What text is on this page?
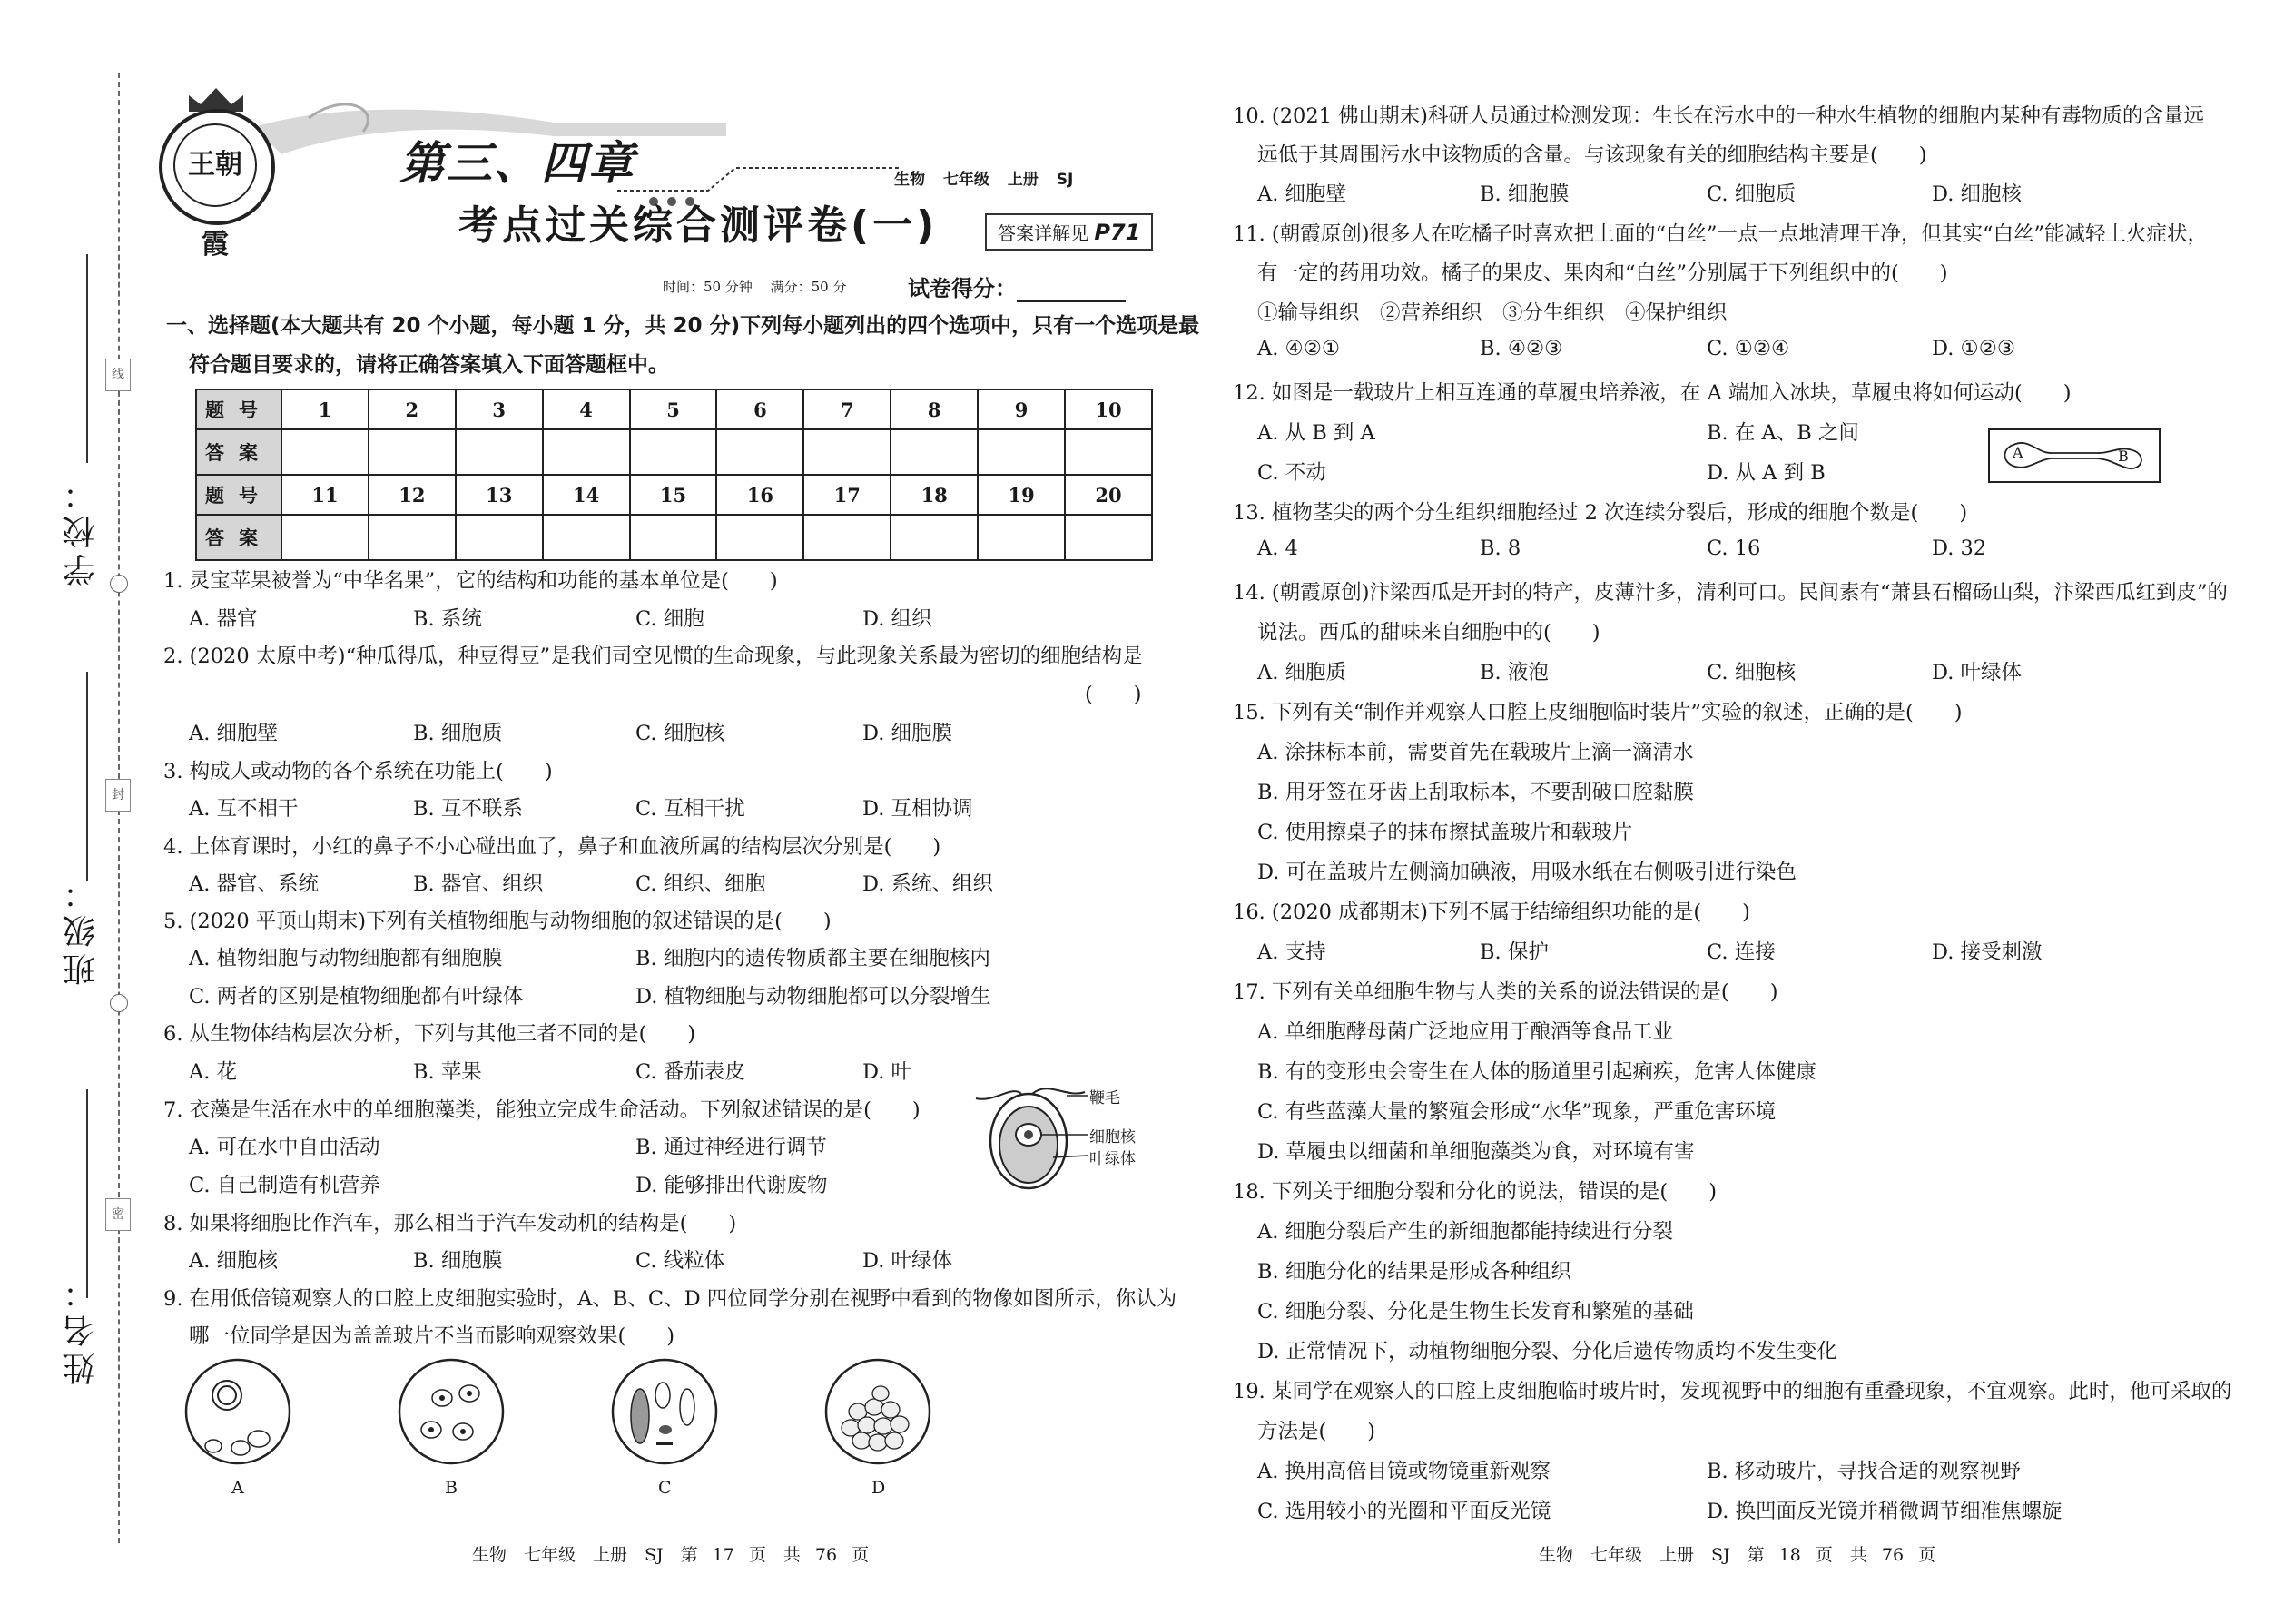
学校：
班级：
姓名：
线
封
密
王朝霞
第三、四章
考点过关综合测评卷(一)
生物 七年级 上册 SJ
答案详解见 P71
时间：50 分钟　 满分：50 分	试卷得分：
一、选择题(本大题共有 20 个小题，每小题 1 分，共 20 分)下列每小题列出的四个选项中，只有一个选项是最
符合题目要求的，请将正确答案填入下面答题框中。
题号	1	2	3	4	5	6	7	8	9	10
答案										
题号	11	12	13	14	15	16	17	18	19	20
答案										
1. 灵宝苹果被誉为“中华名果”，它的结构和功能的基本单位是(　　)
A. 器官	B. 系统	C. 细胞	D. 组织
2. (2020 太原中考)“种瓜得瓜，种豆得豆”是我们司空见惯的生命现象，与此现象关系最为密切的细胞结构是
(　　)
A. 细胞壁	B. 细胞质	C. 细胞核	D. 细胞膜
3. 构成人或动物的各个系统在功能上(　　)
A. 互不相干	B. 互不联系	C. 互相干扰	D. 互相协调
4. 上体育课时，小红的鼻子不小心碰出血了，鼻子和血液所属的结构层次分别是(　　)
A. 器官、系统	B. 器官、组织	C. 组织、细胞	D. 系统、组织
5. (2020 平顶山期末)下列有关植物细胞与动物细胞的叙述错误的是(　　)
A. 植物细胞与动物细胞都有细胞膜	B. 细胞内的遗传物质都主要在细胞核内
C. 两者的区别是植物细胞都有叶绿体	D. 植物细胞与动物细胞都可以分裂增生
6. 从生物体结构层次分析，下列与其他三者不同的是(　　)
A. 花	B. 苹果	C. 番茄表皮	D. 叶
7. 衣藻是生活在水中的单细胞藻类，能独立完成生命活动。下列叙述错误的是(　　)
A. 可在水中自由活动	B. 通过神经进行调节
C. 自己制造有机营养	D. 能够排出代谢废物
鞭毛
细胞核
叶绿体
8. 如果将细胞比作汽车，那么相当于汽车发动机的结构是(　　)
A. 细胞核	B. 细胞膜	C. 线粒体	D. 叶绿体
9. 在用低倍镜观察人的口腔上皮细胞实验时，A、B、C、D 四位同学分别在视野中看到的物像如图所示，你认为
哪一位同学是因为盖盖玻片不当而影响观察效果(　　)
A	B	C	D
生物　七年级　上册　SJ　第 17 页　共 76 页
10. (2021 佛山期末)科研人员通过检测发现：生长在污水中的一种水生植物的细胞内某种有毒物质的含量远
远低于其周围污水中该物质的含量。与该现象有关的细胞结构主要是(　　)
A. 细胞壁	B. 细胞膜	C. 细胞质	D. 细胞核
11. (朝霞原创)很多人在吃橘子时喜欢把上面的“白丝”一点一点地清理干净，但其实“白丝”能减轻上火症状，
有一定的药用功效。橘子的果皮、果肉和“白丝”分别属于下列组织中的(　　)
①输导组织　②营养组织　③分生组织　④保护组织
A. ④②①	B. ④②③	C. ①②④	D. ①②③
12. 如图是一载玻片上相互连通的草履虫培养液，在 A 端加入冰块，草履虫将如何运动(　　)
A. 从 B 到 A	B. 在 A、B 之间
C. 不动	D. 从 A 到 B
A	B
13. 植物茎尖的两个分生组织细胞经过 2 次连续分裂后，形成的细胞个数是(　　)
A. 4	B. 8	C. 16	D. 32
14. (朝霞原创)汴梁西瓜是开封的特产，皮薄汁多，清利可口。民间素有“萧县石榴砀山梨，汴梁西瓜红到皮”的
说法。西瓜的甜味来自细胞中的(　　)
A. 细胞质	B. 液泡	C. 细胞核	D. 叶绿体
15. 下列有关“制作并观察人口腔上皮细胞临时装片”实验的叙述，正确的是(　　)
A. 涂抹标本前，需要首先在载玻片上滴一滴清水
B. 用牙签在牙齿上刮取标本，不要刮破口腔黏膜
C. 使用擦桌子的抹布擦拭盖玻片和载玻片
D. 可在盖玻片左侧滴加碘液，用吸水纸在右侧吸引进行染色
16. (2020 成都期末)下列不属于结缔组织功能的是(　　)
A. 支持	B. 保护	C. 连接	D. 接受刺激
17. 下列有关单细胞生物与人类的关系的说法错误的是(　　)
A. 单细胞酵母菌广泛地应用于酿酒等食品工业
B. 有的变形虫会寄生在人体的肠道里引起痢疾，危害人体健康
C. 有些蓝藻大量的繁殖会形成“水华”现象，严重危害环境
D. 草履虫以细菌和单细胞藻类为食，对环境有害
18. 下列关于细胞分裂和分化的说法，错误的是(　　)
A. 细胞分裂后产生的新细胞都能持续进行分裂
B. 细胞分化的结果是形成各种组织
C. 细胞分裂、分化是生物生长发育和繁殖的基础
D. 正常情况下，动植物细胞分裂、分化后遗传物质均不发生变化
19. 某同学在观察人的口腔上皮细胞临时玻片时，发现视野中的细胞有重叠现象，不宜观察。此时，他可采取的
方法是(　　)
A. 换用高倍目镜或物镜重新观察	B. 移动玻片，寻找合适的观察视野
C. 选用较小的光圈和平面反光镜	D. 换凹面反光镜并稍微调节细准焦螺旋
生物　七年级　上册　SJ　第 18 页　共 76 页
